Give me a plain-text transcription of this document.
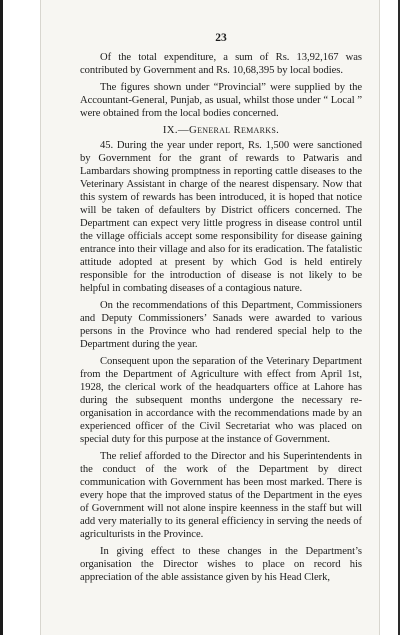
23

Of the total expenditure, a sum of Rs. 13,92,167 was contributed by Government and Rs. 10,68,395 by local bodies.

The figures shown under “Provincial” were supplied by the Accountant-General, Punjab, as usual, whilst those under “ Local ” were obtained from the local bodies concerned.

IX.—General Remarks.

45. During the year under report, Rs. 1,500 were sanctioned by Government for the grant of rewards to Patwaris and Lambardars showing promptness in reporting cattle diseases to the Veterinary Assistant in charge of the nearest dispensary. Now that this system of rewards has been introduced, it is hoped that notice will be taken of defaulters by District officers concerned. The Department can expect very little progress in disease control until the village officials accept some responsibility for disease gaining entrance into their village and also for its eradication. The fatalistic attitude adopted at present by which God is held entirely responsible for the introduction of disease is not likely to be helpful in combating diseases of a contagious nature.

On the recommendations of this Department, Commissioners and Deputy Commissioners’ Sanads were awarded to various persons in the Province who had rendered special help to the Department during the year.

Consequent upon the separation of the Veterinary Department from the Department of Agriculture with effect from April 1st, 1928, the clerical work of the headquarters office at Lahore has during the subsequent months undergone the necessary re-organisation in accordance with the recommendations made by an experienced officer of the Civil Secretariat who was placed on special duty for this purpose at the instance of Government.

The relief afforded to the Director and his Superintendents in the conduct of the work of the Department by direct communication with Government has been most marked. There is every hope that the improved status of the Department in the eyes of Government will not alone inspire keenness in the staff but will add very materially to its general efficiency in serving the needs of agriculturists in the Province.

In giving effect to these changes in the Department’s organisation the Director wishes to place on record his appreciation of the able assistance given by his Head Clerk,
